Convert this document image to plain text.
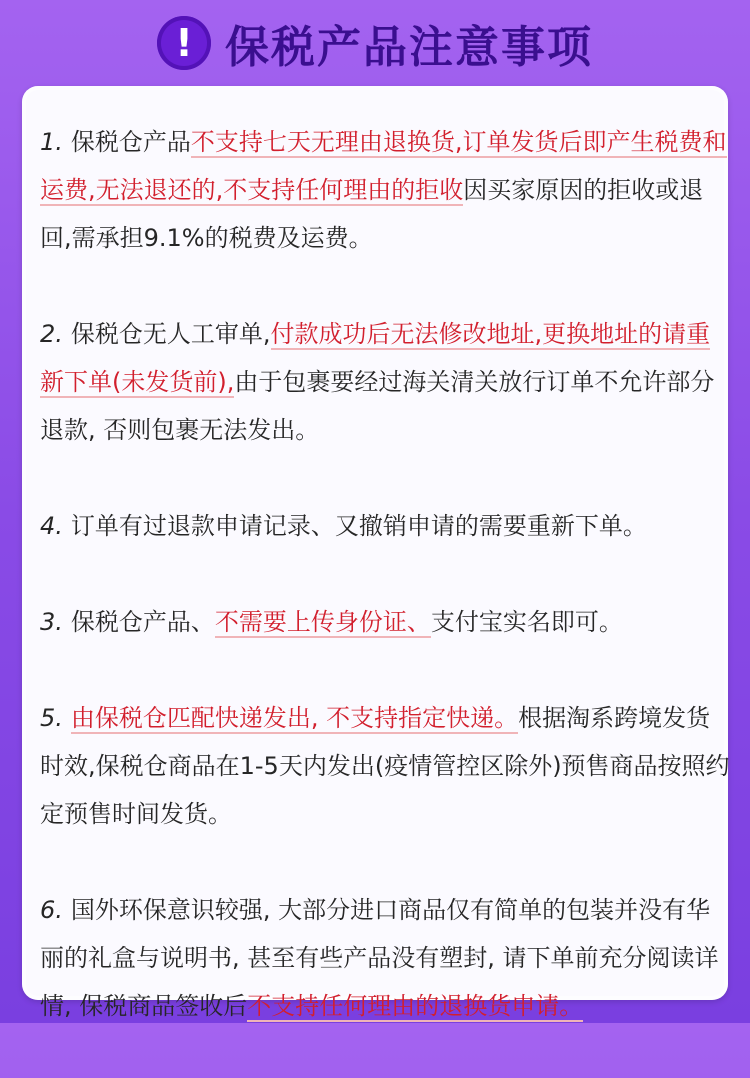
! 保税产品注意事项
1. 保税仓产品不支持七天无理由退换货,订单发货后即产生税费和运费,无法退还的,不支持任何理由的拒收因买家原因的拒收或退回,需承担9.1%的税费及运费。
2. 保税仓无人工审单,付款成功后无法修改地址,更换地址的请重新下单(未发货前),由于包裹要经过海关清关放行订单不允许部分退款, 否则包裹无法发出。
4. 订单有过退款申请记录、又撤销申请的需要重新下单。
3. 保税仓产品、不需要上传身份证、支付宝实名即可。
5. 由保税仓匹配快递发出, 不支持指定快递。根据淘系跨境发货时效,保税仓商品在1-5天内发出(疫情管控区除外)预售商品按照约定预售时间发货。
6. 国外环保意识较强, 大部分进口商品仅有简单的包装并没有华丽的礼盒与说明书, 甚至有些产品没有塑封, 请下单前充分阅读详情, 保税商品签收后不支持任何理由的退换货申请。
